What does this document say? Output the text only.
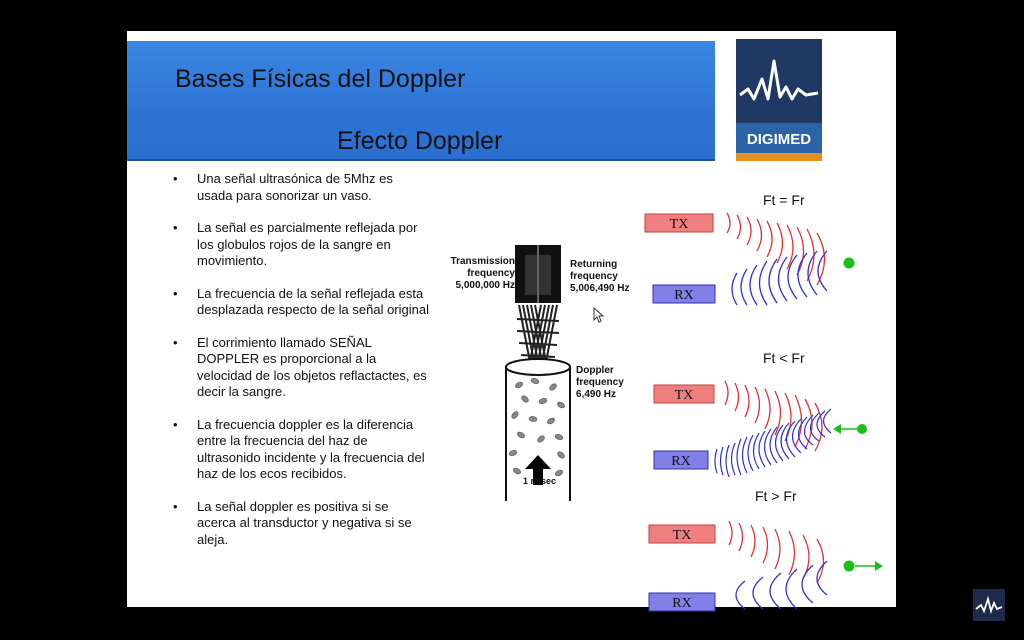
Bases Físicas del Doppler
Efecto Doppler	DIGIMED
• Una señal ultrasónica de 5Mhz es usada para sonorizar un vaso.
• La señal es parcialmente reflejada por los globulos rojos de la sangre en movimiento.
• La frecuencia de la señal reflejada esta desplazada respecto de la señal original
• El corrimiento llamado SEÑAL DOPPLER es proporcional a la velocidad de los objetos reflactactes, es decir la sangre.
• La frecuencia doppler es la diferencia entre la frecuencia del haz de ultrasonido incidente y la frecuencia del haz de los ecos recibidos.
• La señal doppler es positiva si se acerca al transductor y negativa si se aleja.
Transmission frequency
5,000,000 Hz
Returning frequency
5,006,490 Hz
Doppler frequency
6,490 Hz
1 m/sec
Ft = Fr
TX
RX
Ft < Fr
TX
RX
Ft > Fr
TX
RX
